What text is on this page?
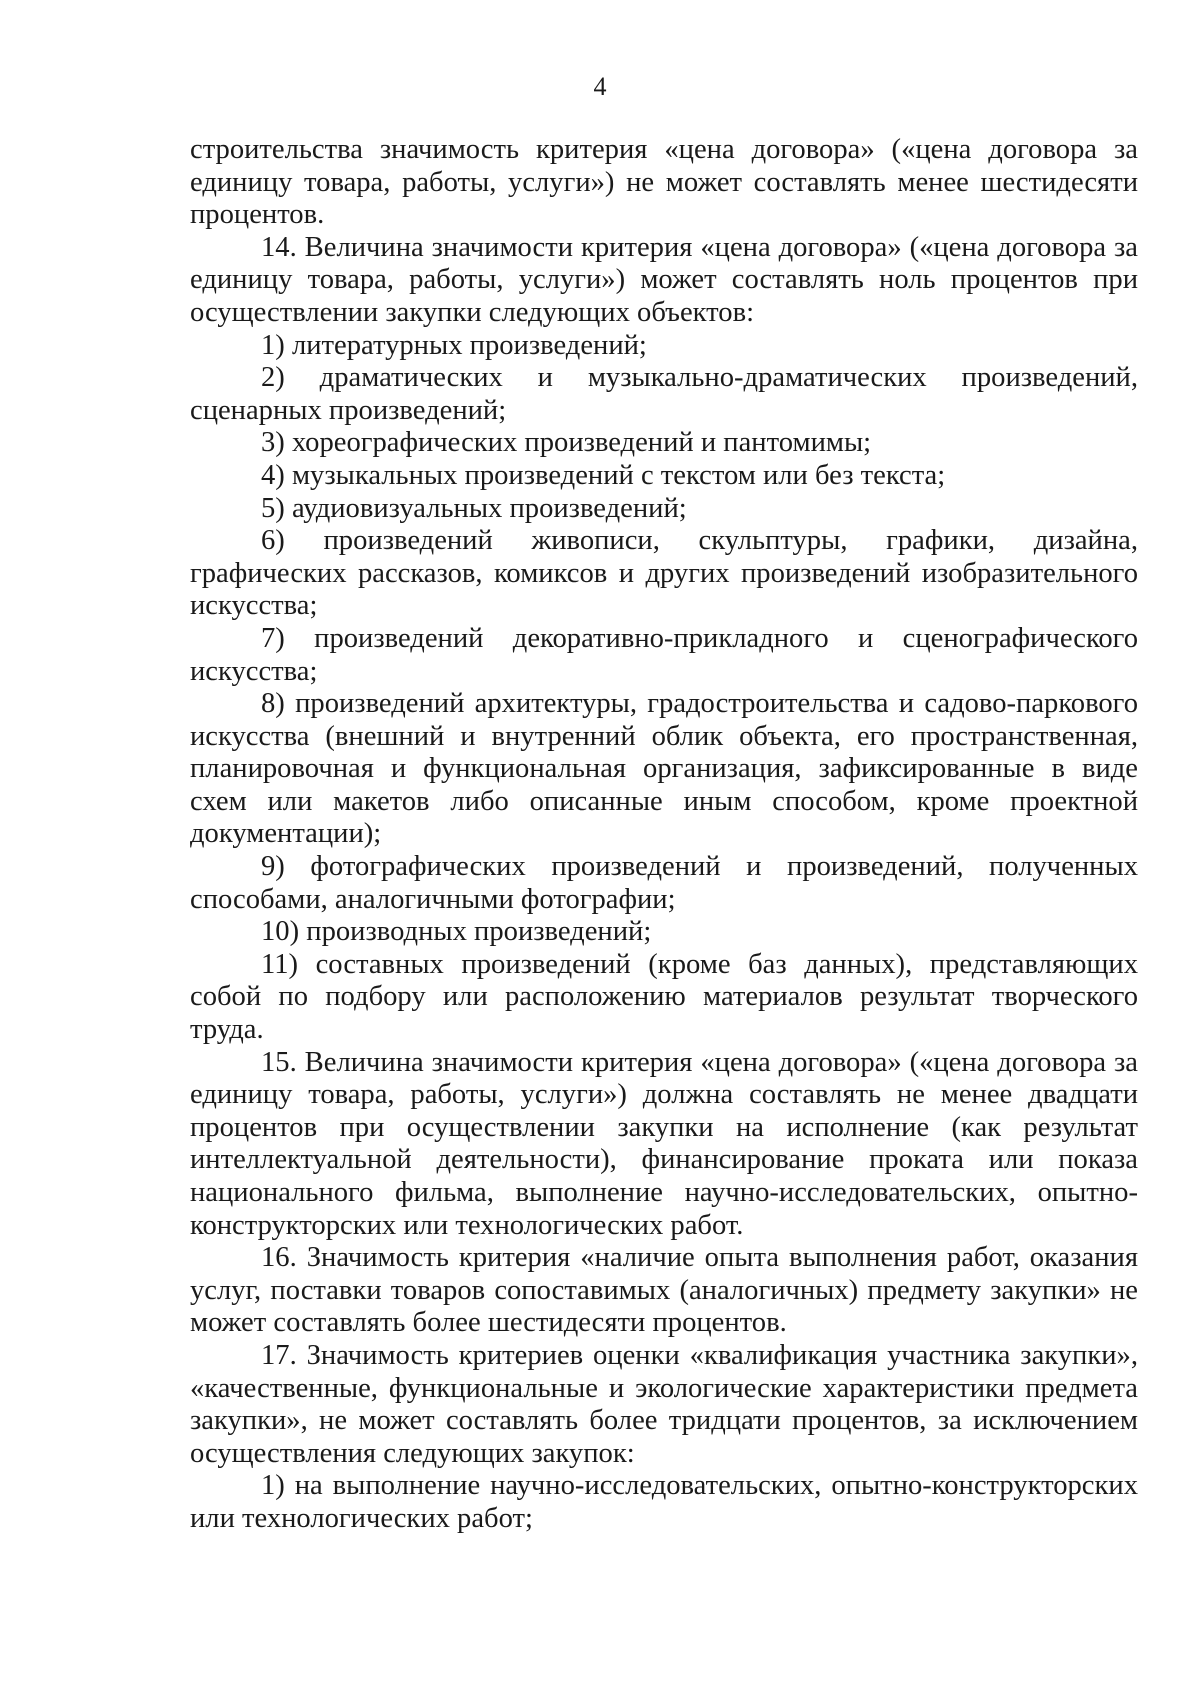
4

строительства значимость критерия «цена договора» («цена договора за единицу товара, работы, услуги») не может составлять менее шестидесяти процентов.

14. Величина значимости критерия «цена договора» («цена договора за единицу товара, работы, услуги») может составлять ноль процентов при осуществлении закупки следующих объектов:

1) литературных произведений;

2) драматических и музыкально-драматических произведений, сценарных произведений;

3) хореографических произведений и пантомимы;

4) музыкальных произведений с текстом или без текста;

5) аудиовизуальных произведений;

6) произведений живописи, скульптуры, графики, дизайна, графических рассказов, комиксов и других произведений изобразительного искусства;

7) произведений декоративно-прикладного и сценографического искусства;

8) произведений архитектуры, градостроительства и садово-паркового искусства (внешний и внутренний облик объекта, его пространственная, планировочная и функциональная организация, зафиксированные в виде схем или макетов либо описанные иным способом, кроме проектной документации);

9) фотографических произведений и произведений, полученных способами, аналогичными фотографии;

10) производных произведений;

11) составных произведений (кроме баз данных), представляющих собой по подбору или расположению материалов результат творческого труда.

15. Величина значимости критерия «цена договора» («цена договора за единицу товара, работы, услуги») должна составлять не менее двадцати процентов при осуществлении закупки на исполнение (как результат интеллектуальной деятельности), финансирование проката или показа национального фильма, выполнение научно-исследовательских, опытно-конструкторских или технологических работ.

16. Значимость критерия «наличие опыта выполнения работ, оказания услуг, поставки товаров сопоставимых (аналогичных) предмету закупки» не может составлять более шестидесяти процентов.

17. Значимость критериев оценки «квалификация участника закупки», «качественные, функциональные и экологические характеристики предмета закупки», не может составлять более тридцати процентов, за исключением осуществления следующих закупок:

1) на выполнение научно-исследовательских, опытно-конструкторских или технологических работ;
